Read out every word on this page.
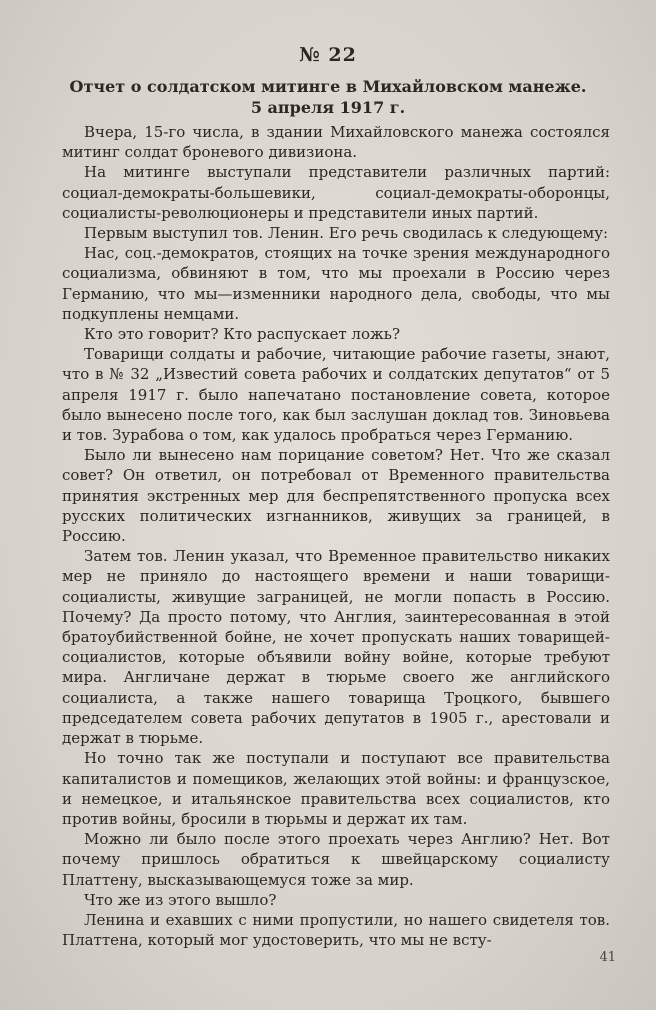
№ 22
Отчет о солдатском митинге в Михайловском манеже.
5 апреля 1917 г.

Вчера, 15-го числа, в здании Михайловского манежа состоялся митинг солдат броневого дивизиона.

На митинге выступали представители различных партий: социал-демократы-большевики, социал-демократы-оборонцы, социалисты-революционеры и представители иных партий.

Первым выступил тов. Ленин. Его речь сводилась к следующему:

Нас, соц.-демократов, стоящих на точке зрения международного социализма, обвиняют в том, что мы проехали в Россию через Германию, что мы—изменники народного дела, свободы, что мы подкуплены немцами.

Кто это говорит? Кто распускает ложь?

Товарищи солдаты и рабочие, читающие рабочие газеты, знают, что в № 32 „Известий совета рабочих и солдатских депутатов“ от 5 апреля 1917 г. было напечатано постановление совета, которое было вынесено после того, как был заслушан доклад тов. Зиновьева и тов. Зурабова о том, как удалось пробраться через Германию.

Было ли вынесено нам порицание советом? Нет. Что же сказал совет? Он ответил, он потребовал от Временного правительства принятия экстренных мер для беспрепятственного пропуска всех русских политических изгнанников, живущих за границей, в Россию.

Затем тов. Ленин указал, что Временное правительство никаких мер не приняло до настоящего времени и наши товарищи-социалисты, живущие заграницей, не могли попасть в Россию. Почему? Да просто потому, что Англия, заинтересованная в этой братоубийственной бойне, не хочет пропускать наших товарищей-социалистов, которые объявили войну войне, которые требуют мира. Англичане держат в тюрьме своего же английского социалиста, а также нашего товарища Троцкого, бывшего председателем совета рабочих депутатов в 1905 г., арестовали и держат в тюрьме.

Но точно так же поступали и поступают все правительства капиталистов и помещиков, желающих этой войны: и французское, и немецкое, и итальянское правительства всех социалистов, кто против войны, бросили в тюрьмы и держат их там.

Можно ли было после этого проехать через Англию? Нет. Вот почему пришлось обратиться к швейцарскому социалисту Платтену, высказывающемуся тоже за мир.

Что же из этого вышло?

Ленина и ехавших с ними пропустили, но нашего свидетеля тов. Платтена, который мог удостоверить, что мы не всту-

41
